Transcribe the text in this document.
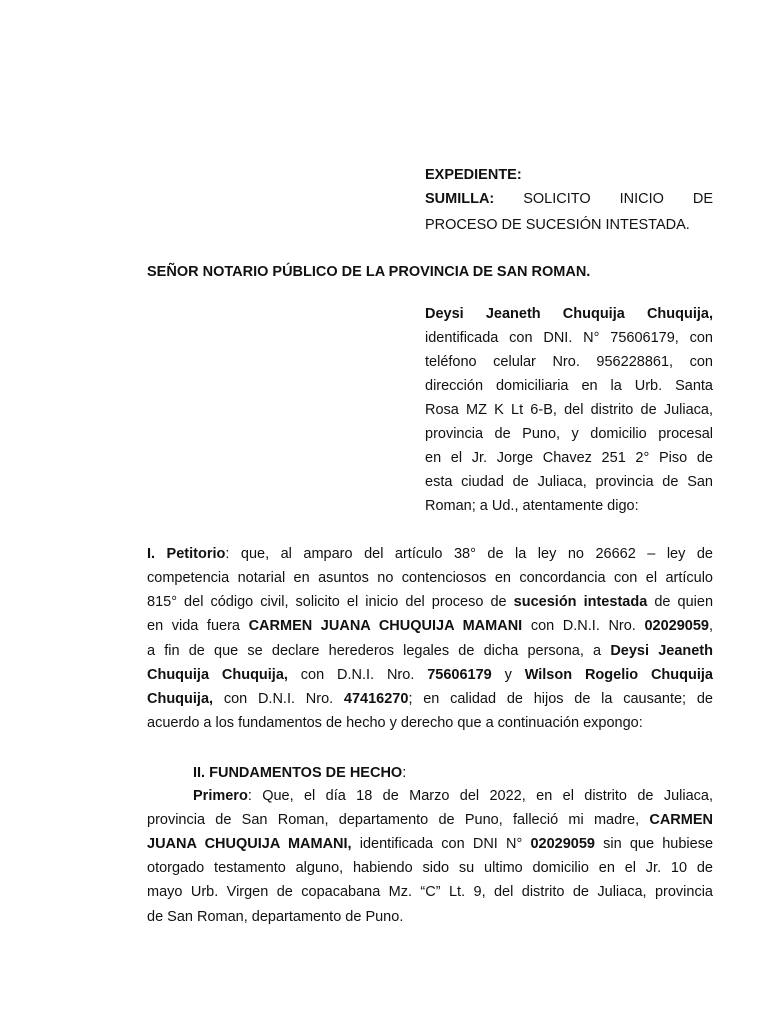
EXPEDIENTE:
SUMILLA: SOLICITO INICIO DE
PROCESO DE SUCESIÓN INTESTADA.
SEÑOR NOTARIO PÚBLICO DE LA PROVINCIA DE SAN ROMAN.
Deysi Jeaneth Chuquija Chuquija,
identificada con DNI. N° 75606179, con
teléfono celular Nro. 956228861, con
dirección domiciliaria en la Urb. Santa
Rosa MZ K Lt 6-B, del distrito de Juliaca,
provincia de Puno, y domicilio procesal
en el Jr. Jorge Chavez 251 2° Piso de
esta ciudad de Juliaca, provincia de San
Roman; a Ud., atentamente digo:
I. Petitorio: que, al amparo del artículo 38° de la ley no 26662 – ley de
competencia notarial en asuntos no contenciosos en concordancia con el artículo
815° del código civil, solicito el inicio del proceso de sucesión intestada de quien
en vida fuera CARMEN JUANA CHUQUIJA MAMANI con D.N.I. Nro. 02029059,
a fin de que se declare herederos legales de dicha persona, a Deysi Jeaneth
Chuquija Chuquija, con D.N.I. Nro. 75606179 y Wilson Rogelio Chuquija
Chuquija, con D.N.I. Nro. 47416270; en calidad de hijos de la causante; de
acuerdo a los fundamentos de hecho y derecho que a continuación expongo:
II. FUNDAMENTOS DE HECHO:
Primero: Que, el día 18 de Marzo del 2022, en el distrito de Juliaca,
provincia de San Roman, departamento de Puno, falleció mi madre, CARMEN
JUANA CHUQUIJA MAMANI, identificada con DNI N° 02029059 sin que hubiese
otorgado testamento alguno, habiendo sido su ultimo domicilio en el Jr. 10 de
mayo Urb. Virgen de copacabana Mz. “C” Lt. 9, del distrito de Juliaca, provincia
de San Roman, departamento de Puno.
